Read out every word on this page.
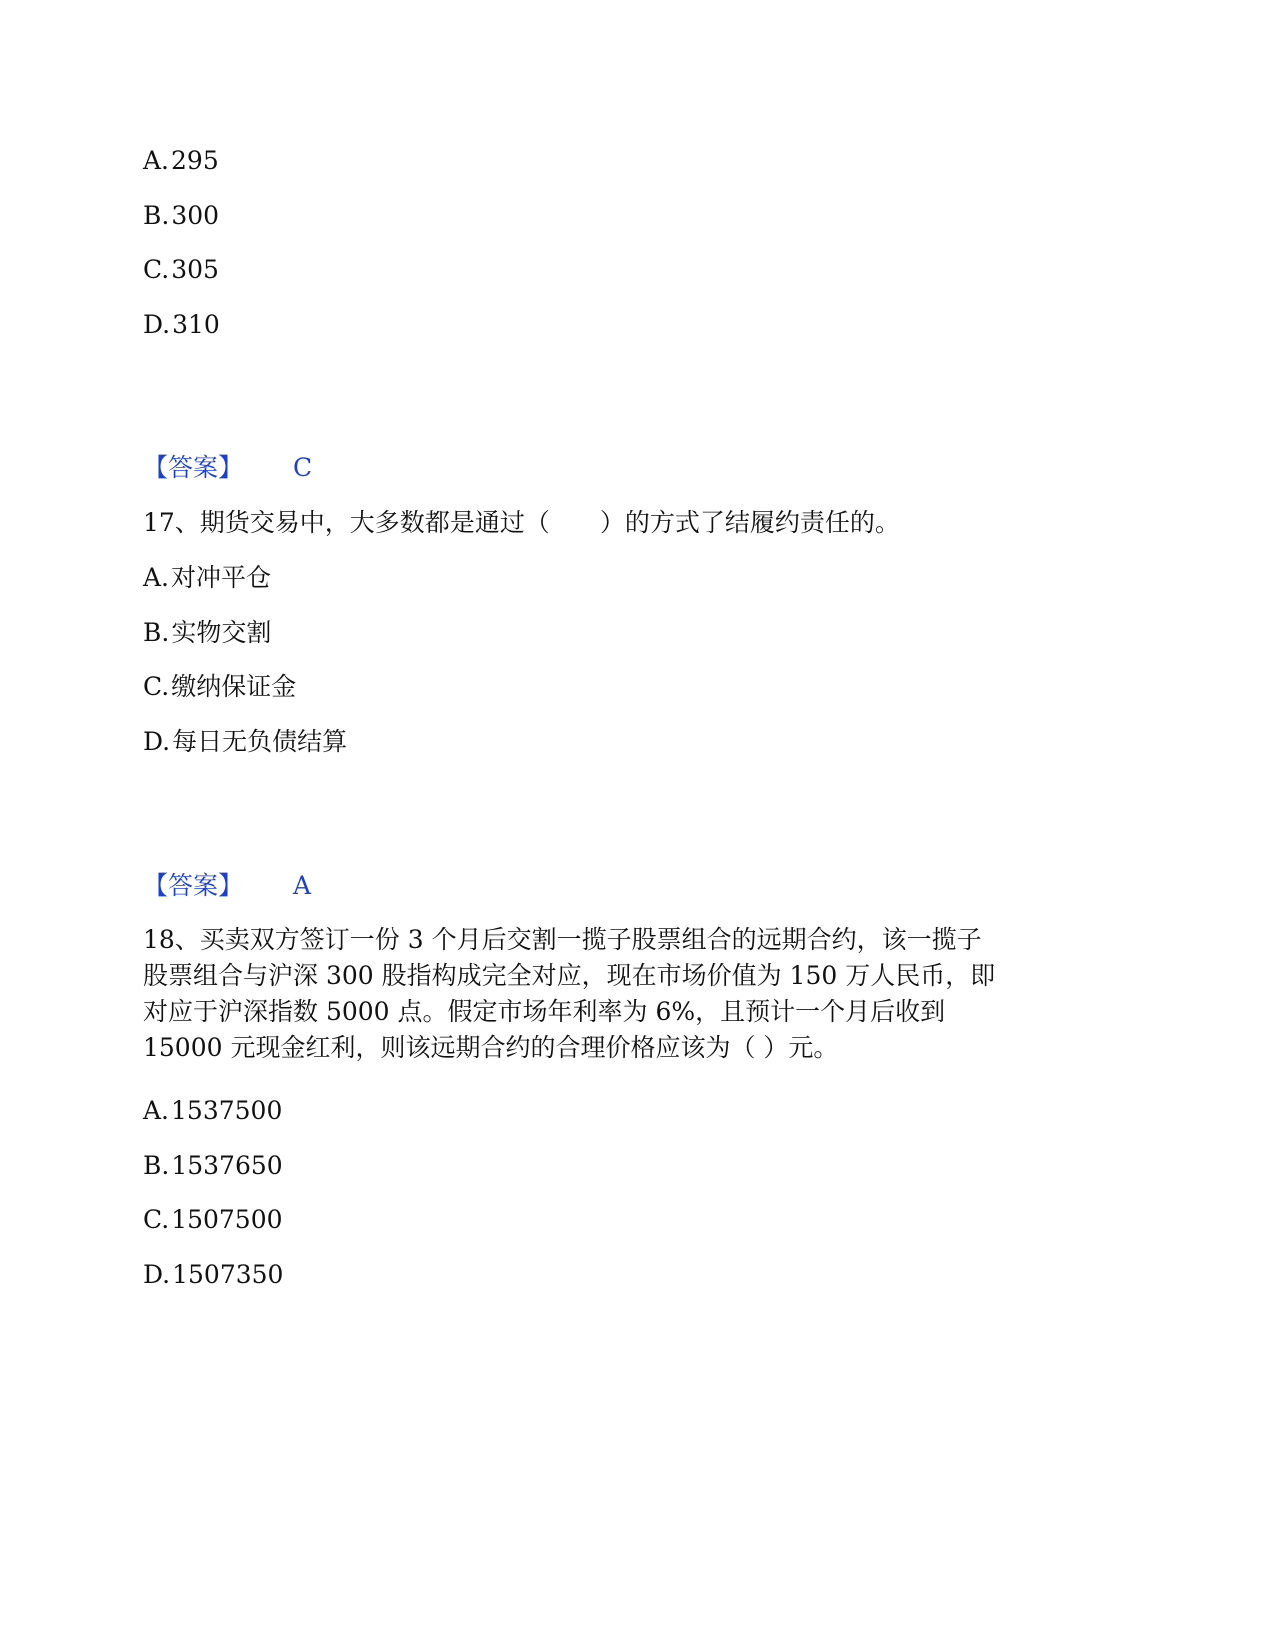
A.295
B.300
C.305
D.310
【答案】 C
17、期货交易中，大多数都是通过（　　）的方式了结履约责任的。
A.对冲平仓
B.实物交割
C.缴纳保证金
D.每日无负债结算
【答案】 A
18、买卖双方签订一份 3 个月后交割一揽子股票组合的远期合约，该一揽子
股票组合与沪深 300 股指构成完全对应，现在市场价值为 150 万人民币，即
对应于沪深指数 5000 点。假定市场年利率为 6%，且预计一个月后收到
15000 元现金红利，则该远期合约的合理价格应该为（ ）元。
A.1537500
B.1537650
C.1507500
D.1507350
